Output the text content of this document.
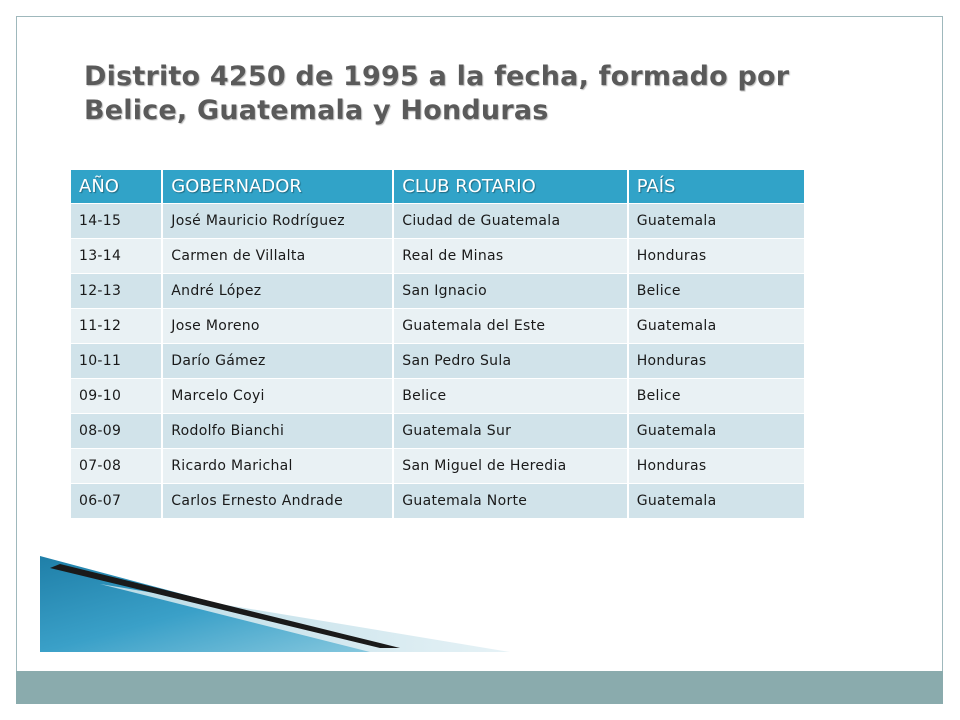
Distrito 4250 de 1995 a la fecha, formado por
Belice, Guatemala y Honduras
AÑO	GOBERNADOR	CLUB ROTARIO	PAÍS
14-15	José Mauricio Rodríguez	Ciudad de Guatemala	Guatemala
13-14	Carmen de Villalta	Real de Minas	Honduras
12-13	André López	San Ignacio	Belice
11-12	Jose Moreno	Guatemala del Este	Guatemala
10-11	Darío Gámez	San Pedro Sula	Honduras
09-10	Marcelo Coyi	Belice	Belice
08-09	Rodolfo Bianchi	Guatemala Sur	Guatemala
07-08	Ricardo Marichal	San Miguel de Heredia	Honduras
06-07	Carlos Ernesto Andrade	Guatemala Norte	Guatemala
